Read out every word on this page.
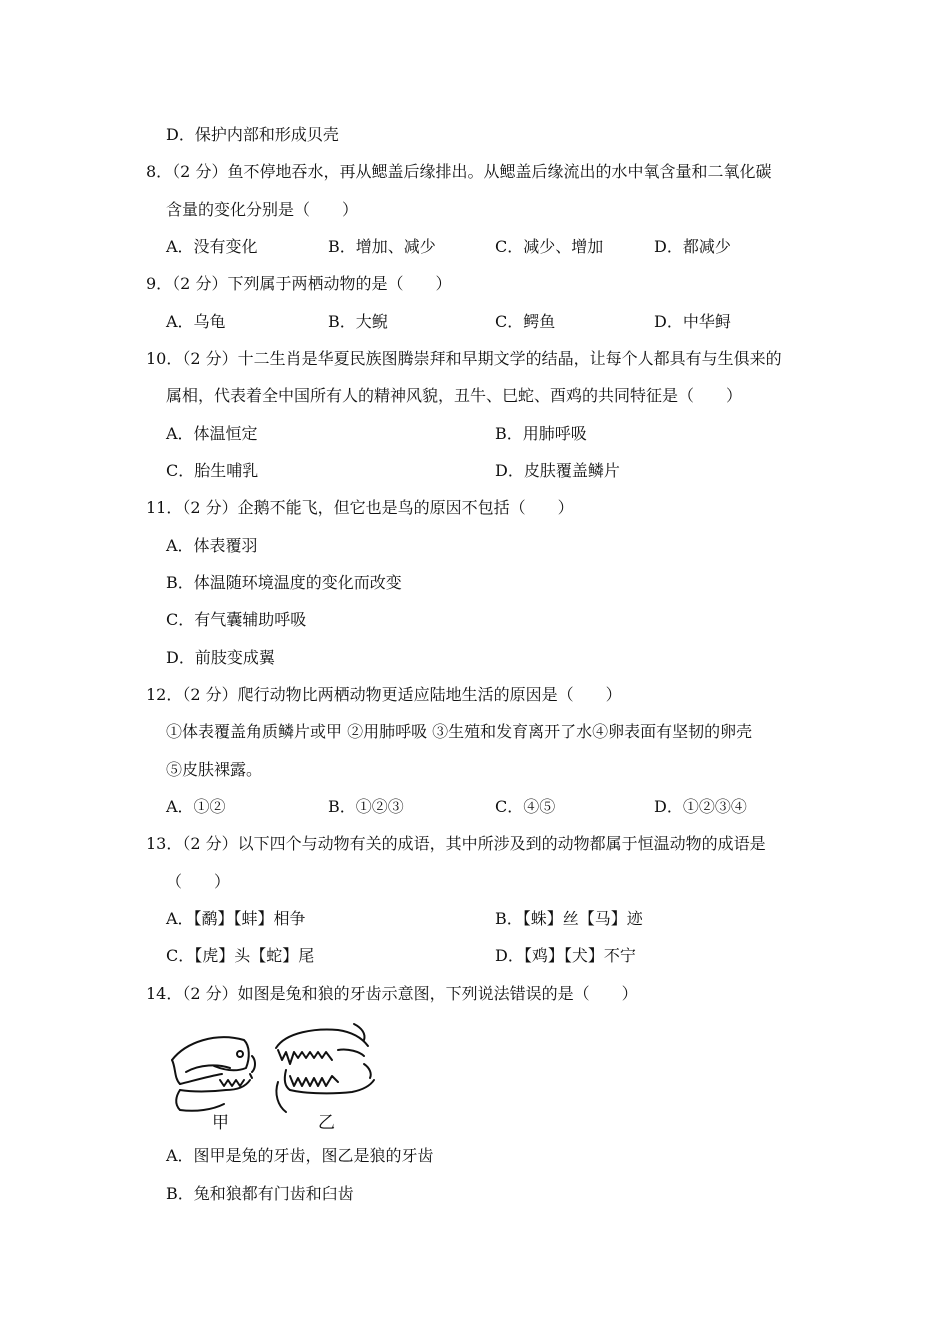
D．保护内部和形成贝壳
8．（2 分）鱼不停地吞水，再从鳃盖后缘排出。从鳃盖后缘流出的水中氧含量和二氧化碳
含量的变化分别是（　　）
A．没有变化	B．增加、减少	C．减少、增加	D．都减少
9．（2 分）下列属于两栖动物的是（　　）
A．乌龟	B．大鲵	C．鳄鱼	D．中华鲟
10．（2 分）十二生肖是华夏民族图腾崇拜和早期文学的结晶，让每个人都具有与生俱来的
属相，代表着全中国所有人的精神风貌，丑牛、巳蛇、酉鸡的共同特征是（　　）
A．体温恒定	B．用肺呼吸
C．胎生哺乳	D．皮肤覆盖鳞片
11．（2 分）企鹅不能飞，但它也是鸟的原因不包括（　　）
A．体表覆羽
B．体温随环境温度的变化而改变
C．有气囊辅助呼吸
D．前肢变成翼
12．（2 分）爬行动物比两栖动物更适应陆地生活的原因是（　　）
①体表覆盖角质鳞片或甲 ②用肺呼吸 ③生殖和发育离开了水④卵表面有坚韧的卵壳
⑤皮肤裸露。
A．①②	B．①②③	C．④⑤	D．①②③④
13．（2 分）以下四个与动物有关的成语，其中所涉及到的动物都属于恒温动物的成语是
（　　）
A．【鹬】【蚌】相争	B．【蛛】丝【马】迹
C．【虎】头【蛇】尾	D．【鸡】【犬】不宁
14．（2 分）如图是兔和狼的牙齿示意图，下列说法错误的是（　　）
甲	乙
A．图甲是兔的牙齿，图乙是狼的牙齿
B．兔和狼都有门齿和臼齿
